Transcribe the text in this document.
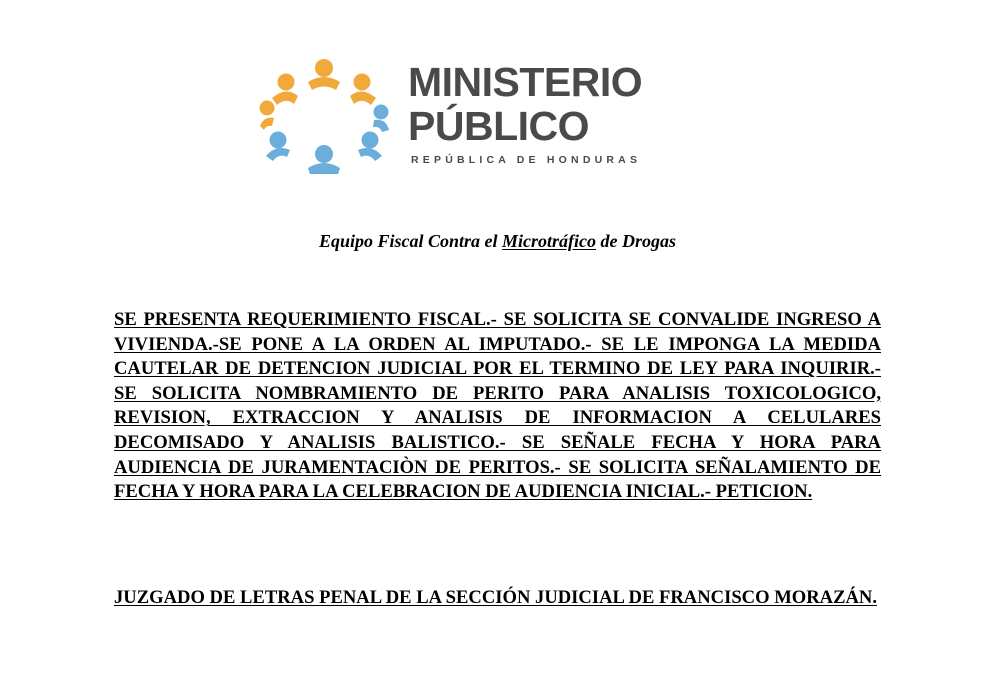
MINISTERIO
PÚBLICO
REPÚBLICA DE HONDURAS
Equipo Fiscal Contra el Microtráfico de Drogas

SE PRESENTA REQUERIMIENTO FISCAL.- SE SOLICITA SE CONVALIDE INGRESO A VIVIENDA.-SE PONE A LA ORDEN AL IMPUTADO.- SE LE IMPONGA LA MEDIDA CAUTELAR DE DETENCION JUDICIAL POR EL TERMINO DE LEY PARA INQUIRIR.-SE SOLICITA NOMBRAMIENTO DE PERITO PARA ANALISIS TOXICOLOGICO, REVISION, EXTRACCION Y ANALISIS DE INFORMACION A CELULARES DECOMISADO Y ANALISIS BALISTICO.- SE SEÑALE FECHA Y HORA PARA AUDIENCIA DE JURAMENTACIÒN DE PERITOS.- SE SOLICITA SEÑALAMIENTO DE FECHA Y HORA PARA LA CELEBRACION DE AUDIENCIA INICIAL.- PETICION.

JUZGADO DE LETRAS PENAL DE LA SECCIÓN JUDICIAL DE FRANCISCO MORAZÁN.
